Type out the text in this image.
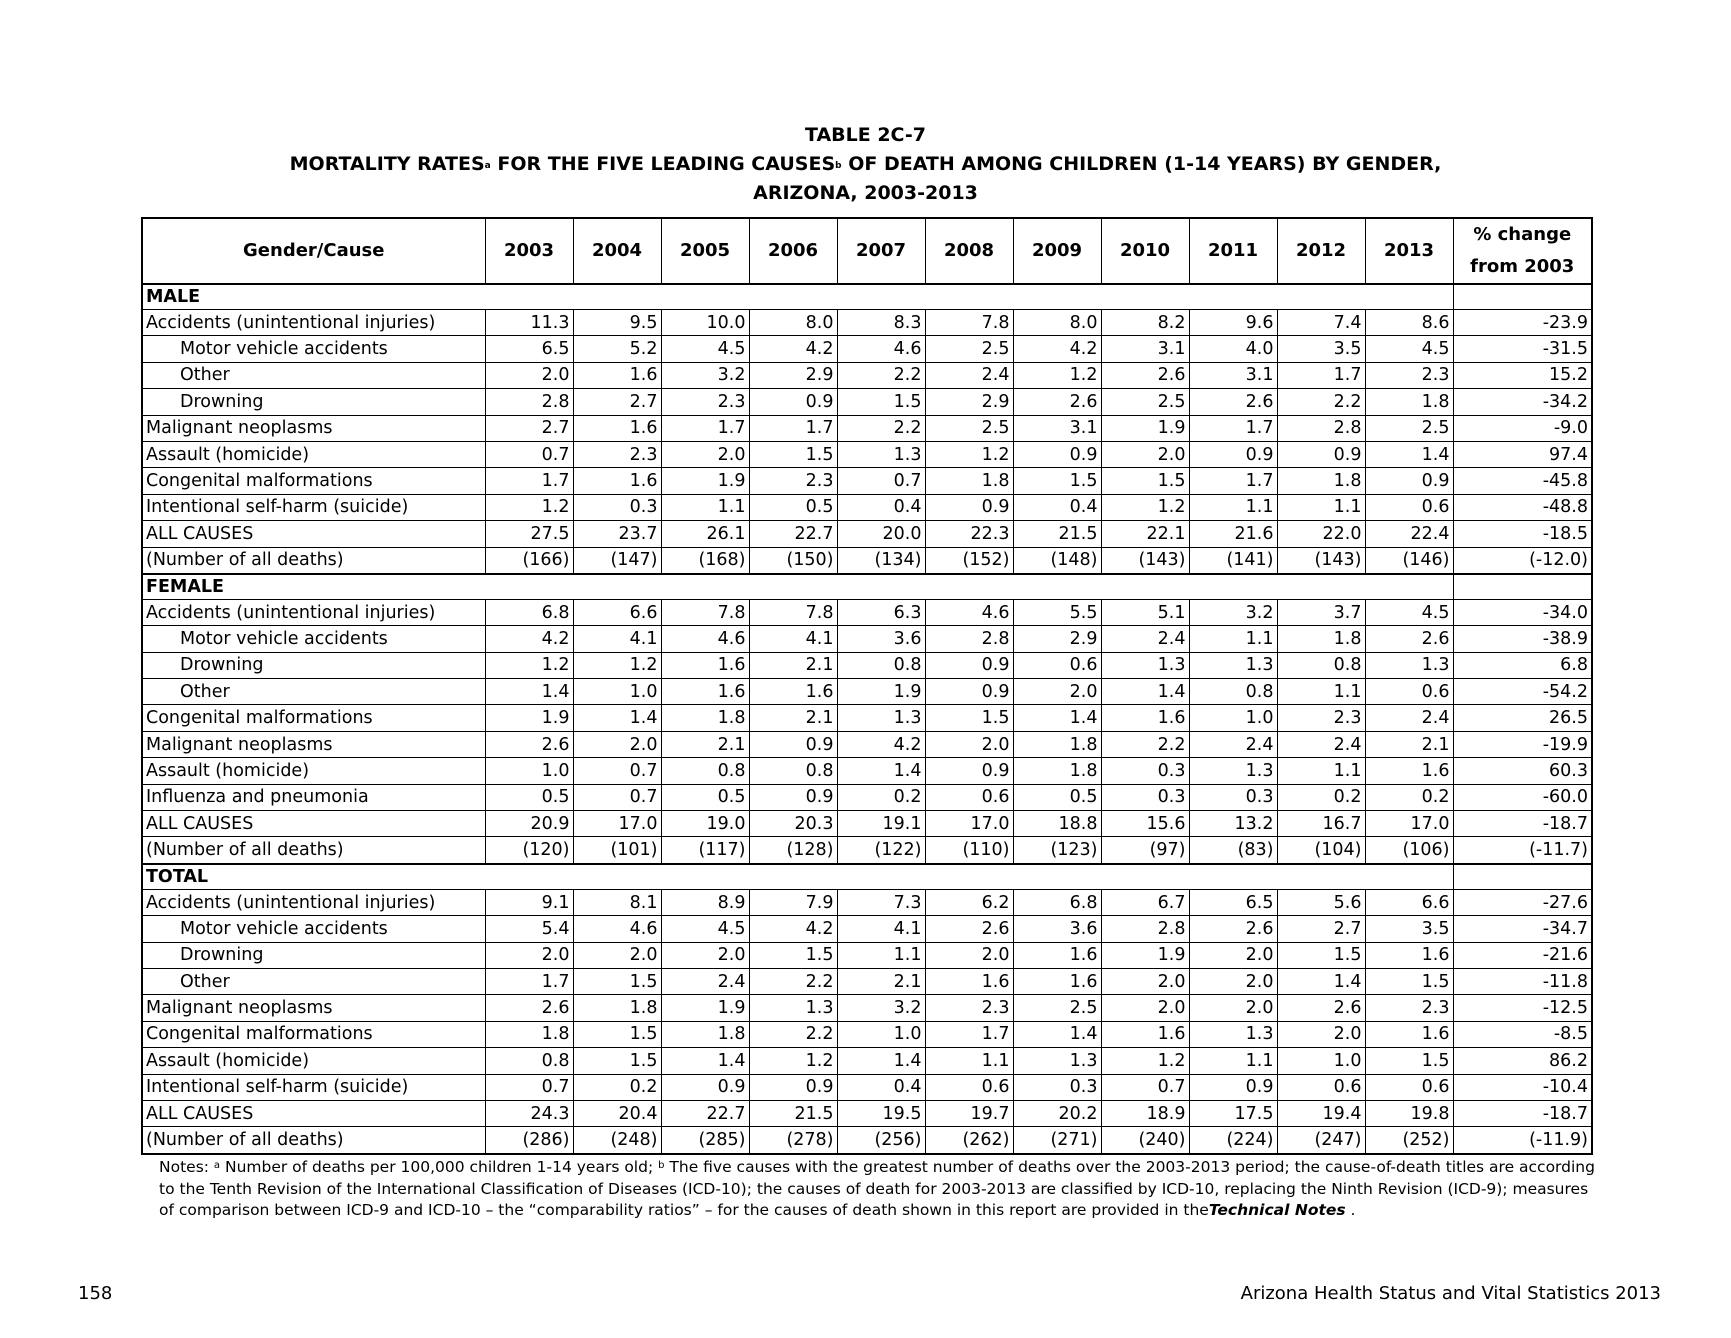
TABLE 2C-7
MORTALITY RATES$^a$ FOR THE FIVE LEADING CAUSES$^b$ OF DEATH AMONG CHILDREN (1-14 YEARS) BY GENDER,
ARIZONA, 2003-2013
Gender/Cause	2003	2004	2005	2006	2007	2008	2009	2010	2011	2012	2013	% change
from 2003

MALE												
Accidents (unintentional injuries)	11.3	9.5	10.0	8.0	8.3	7.8	8.0	8.2	9.6	7.4	8.6	-23.9
Motor vehicle accidents	6.5	5.2	4.5	4.2	4.6	2.5	4.2	3.1	4.0	3.5	4.5	-31.5
Other	2.0	1.6	3.2	2.9	2.2	2.4	1.2	2.6	3.1	1.7	2.3	15.2
Drowning	2.8	2.7	2.3	0.9	1.5	2.9	2.6	2.5	2.6	2.2	1.8	-34.2
Malignant neoplasms	2.7	1.6	1.7	1.7	2.2	2.5	3.1	1.9	1.7	2.8	2.5	-9.0
Assault (homicide)	0.7	2.3	2.0	1.5	1.3	1.2	0.9	2.0	0.9	0.9	1.4	97.4
Congenital malformations	1.7	1.6	1.9	2.3	0.7	1.8	1.5	1.5	1.7	1.8	0.9	-45.8
Intentional self-harm (suicide)	1.2	0.3	1.1	0.5	0.4	0.9	0.4	1.2	1.1	1.1	0.6	-48.8
ALL CAUSES	27.5	23.7	26.1	22.7	20.0	22.3	21.5	22.1	21.6	22.0	22.4	-18.5
(Number of all deaths)	(166)	(147)	(168)	(150)	(134)	(152)	(148)	(143)	(141)	(143)	(146)	(-12.0)
FEMALE												
Accidents (unintentional injuries)	6.8	6.6	7.8	7.8	6.3	4.6	5.5	5.1	3.2	3.7	4.5	-34.0
Motor vehicle accidents	4.2	4.1	4.6	4.1	3.6	2.8	2.9	2.4	1.1	1.8	2.6	-38.9
Drowning	1.2	1.2	1.6	2.1	0.8	0.9	0.6	1.3	1.3	0.8	1.3	6.8
Other	1.4	1.0	1.6	1.6	1.9	0.9	2.0	1.4	0.8	1.1	0.6	-54.2
Congenital malformations	1.9	1.4	1.8	2.1	1.3	1.5	1.4	1.6	1.0	2.3	2.4	26.5
Malignant neoplasms	2.6	2.0	2.1	0.9	4.2	2.0	1.8	2.2	2.4	2.4	2.1	-19.9
Assault (homicide)	1.0	0.7	0.8	0.8	1.4	0.9	1.8	0.3	1.3	1.1	1.6	60.3
Influenza and pneumonia	0.5	0.7	0.5	0.9	0.2	0.6	0.5	0.3	0.3	0.2	0.2	-60.0
ALL CAUSES	20.9	17.0	19.0	20.3	19.1	17.0	18.8	15.6	13.2	16.7	17.0	-18.7
(Number of all deaths)	(120)	(101)	(117)	(128)	(122)	(110)	(123)	(97)	(83)	(104)	(106)	(-11.7)
TOTAL												
Accidents (unintentional injuries)	9.1	8.1	8.9	7.9	7.3	6.2	6.8	6.7	6.5	5.6	6.6	-27.6
Motor vehicle accidents	5.4	4.6	4.5	4.2	4.1	2.6	3.6	2.8	2.6	2.7	3.5	-34.7
Drowning	2.0	2.0	2.0	1.5	1.1	2.0	1.6	1.9	2.0	1.5	1.6	-21.6
Other	1.7	1.5	2.4	2.2	2.1	1.6	1.6	2.0	2.0	1.4	1.5	-11.8
Malignant neoplasms	2.6	1.8	1.9	1.3	3.2	2.3	2.5	2.0	2.0	2.6	2.3	-12.5
Congenital malformations	1.8	1.5	1.8	2.2	1.0	1.7	1.4	1.6	1.3	2.0	1.6	-8.5
Assault (homicide)	0.8	1.5	1.4	1.2	1.4	1.1	1.3	1.2	1.1	1.0	1.5	86.2
Intentional self-harm (suicide)	0.7	0.2	0.9	0.9	0.4	0.6	0.3	0.7	0.9	0.6	0.6	-10.4
ALL CAUSES	24.3	20.4	22.7	21.5	19.5	19.7	20.2	18.9	17.5	19.4	19.8	-18.7
(Number of all deaths)	(286)	(248)	(285)	(278)	(256)	(262)	(271)	(240)	(224)	(247)	(252)	(-11.9)
Notes: $^a$ Number of deaths per 100,000 children 1-14 years old; $^b$ The five causes with the greatest number of deaths over the 2003-2013 period; the cause-of-death titles are according to the Tenth Revision of the International Classification of Diseases (ICD-10); the causes of death for 2003-2013 are classified by ICD-10, replacing the Ninth Revision (ICD-9); measures of comparison between ICD-9 and ICD-10 – the “comparability ratios” – for the causes of death shown in this report are provided in theTechnical Notes .
158	Arizona Health Status and Vital Statistics 2013
